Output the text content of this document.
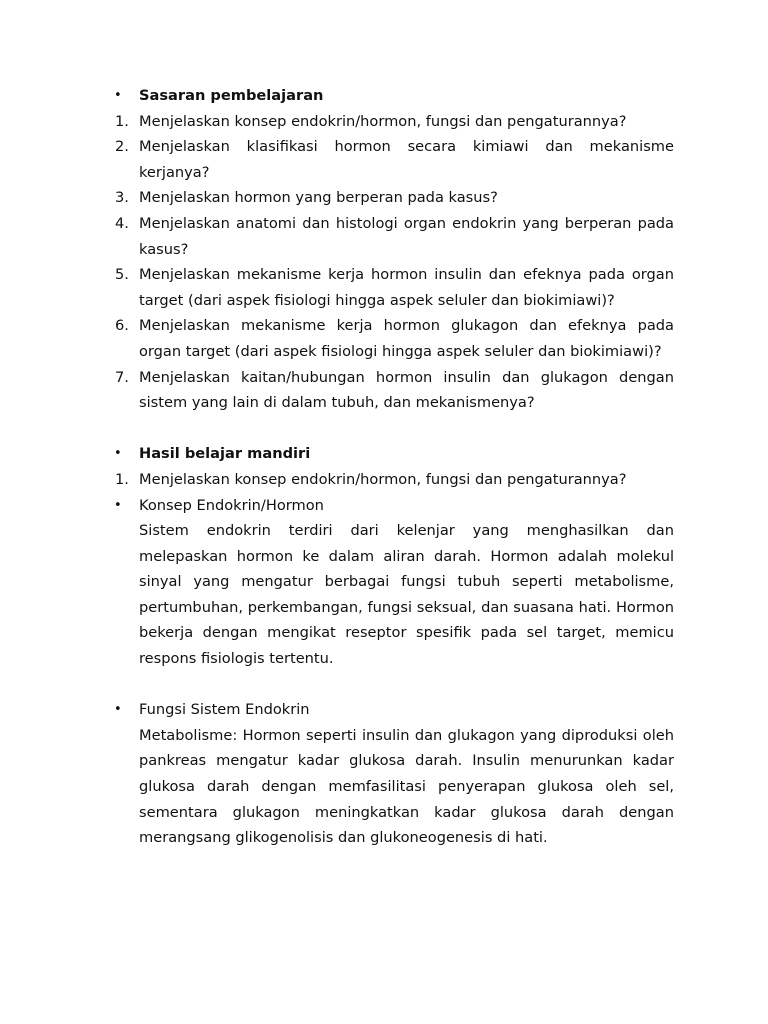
• Sasaran pembelajaran
1. Menjelaskan konsep endokrin/hormon, fungsi dan pengaturannya?
2. Menjelaskan klasifikasi hormon secara kimiawi dan mekanisme kerjanya?
3. Menjelaskan hormon yang berperan pada kasus?
4. Menjelaskan anatomi dan histologi organ endokrin yang berperan pada kasus?
5. Menjelaskan mekanisme kerja hormon insulin dan efeknya pada organ target (dari aspek fisiologi hingga aspek seluler dan biokimiawi)?
6. Menjelaskan mekanisme kerja hormon glukagon dan efeknya pada organ target (dari aspek fisiologi hingga aspek seluler dan biokimiawi)?
7. Menjelaskan kaitan/hubungan hormon insulin dan glukagon dengan sistem yang lain di dalam tubuh, dan mekanismenya?
• Hasil belajar mandiri
1. Menjelaskan konsep endokrin/hormon, fungsi dan pengaturannya?
• Konsep Endokrin/Hormon
Sistem endokrin terdiri dari kelenjar yang menghasilkan dan melepaskan hormon ke dalam aliran darah. Hormon adalah molekul sinyal yang mengatur berbagai fungsi tubuh seperti metabolisme, pertumbuhan, perkembangan, fungsi seksual, dan suasana hati. Hormon bekerja dengan mengikat reseptor spesifik pada sel target, memicu respons fisiologis tertentu.
• Fungsi Sistem Endokrin
Metabolisme: Hormon seperti insulin dan glukagon yang diproduksi oleh pankreas mengatur kadar glukosa darah. Insulin menurunkan kadar glukosa darah dengan memfasilitasi penyerapan glukosa oleh sel, sementara glukagon meningkatkan kadar glukosa darah dengan merangsang glikogenolisis dan glukoneogenesis di hati.
